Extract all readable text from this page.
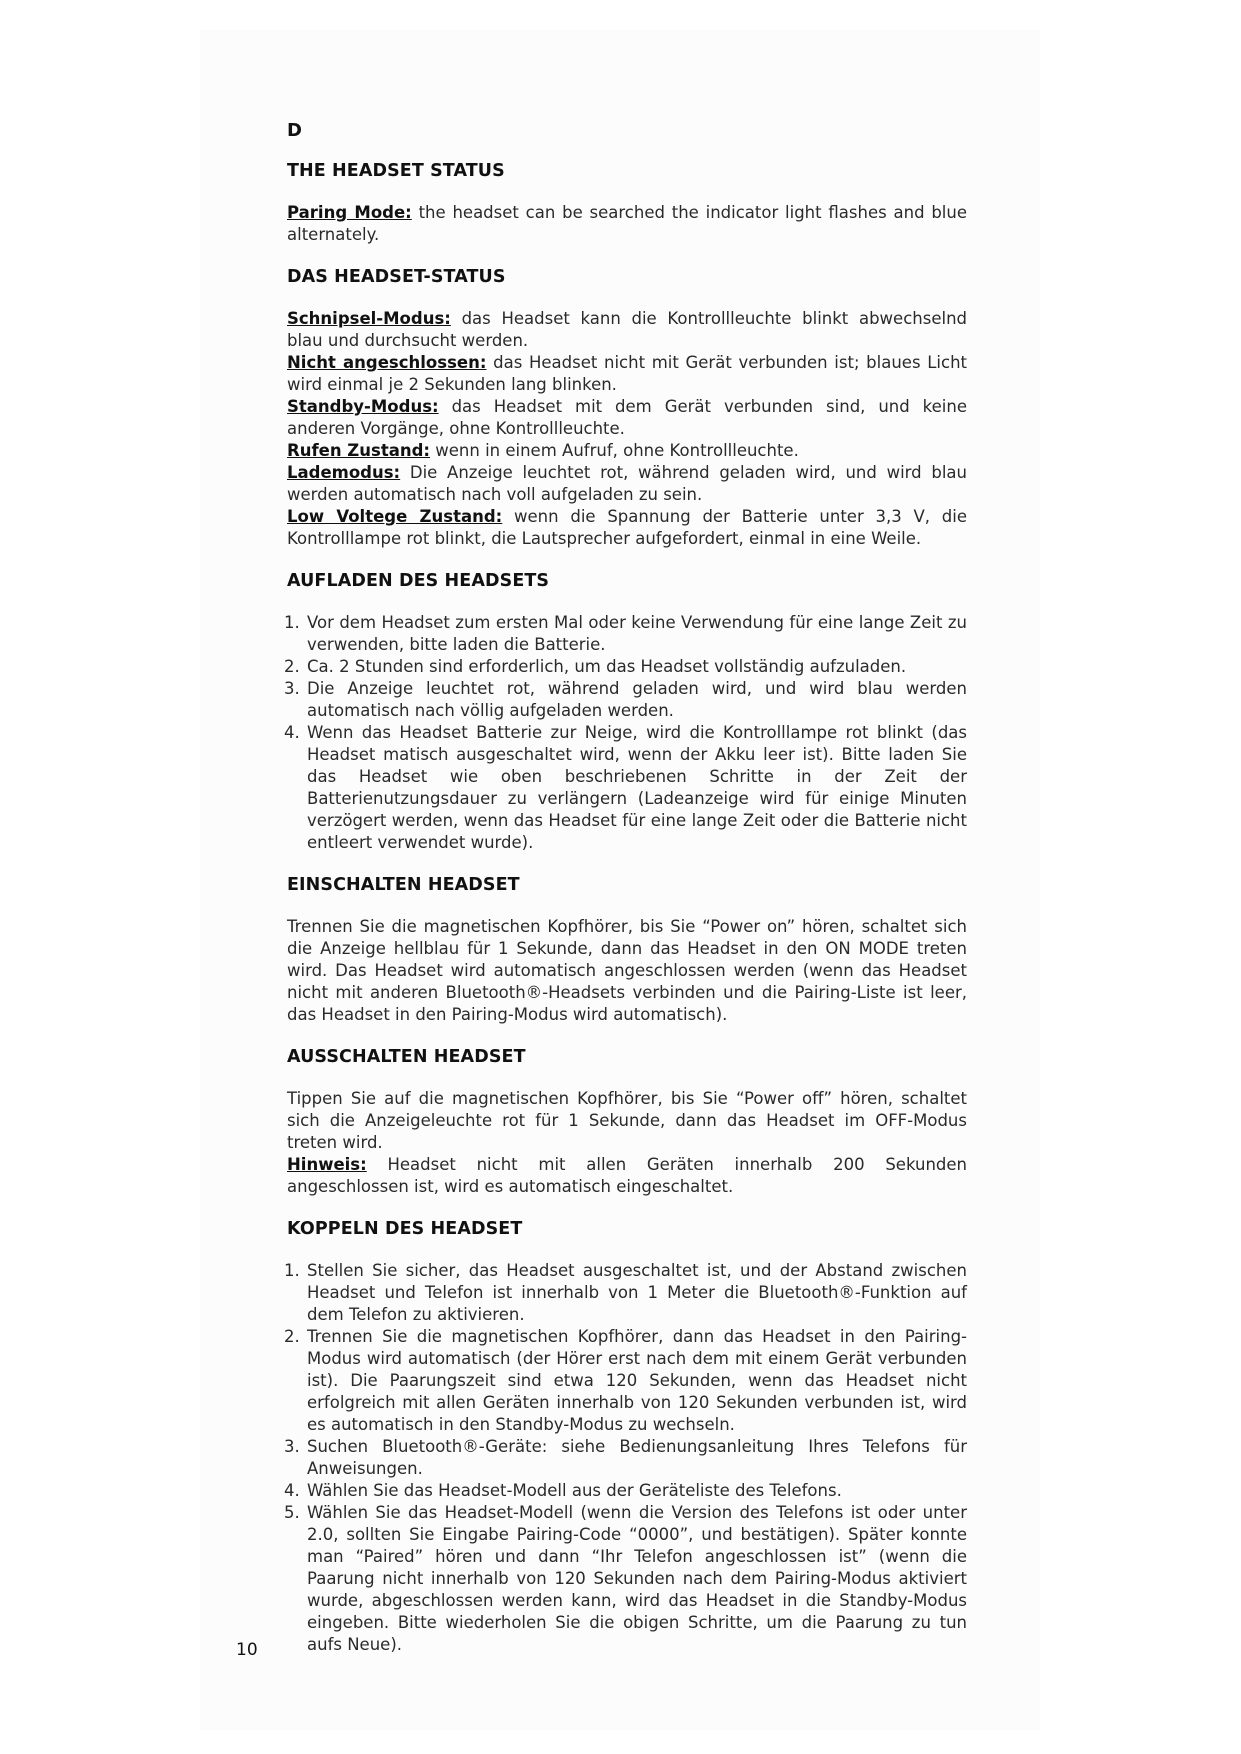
D
THE HEADSET STATUS

Paring Mode: the headset can be searched the indicator light flashes and blue alternately.

DAS HEADSET-STATUS

Schnipsel-Modus: das Headset kann die Kontrollleuchte blinkt abwechselnd blau und durchsucht werden.

Nicht angeschlossen: das Headset nicht mit Gerät verbunden ist; blaues Licht wird einmal je 2 Sekunden lang blinken.

Standby-Modus: das Headset mit dem Gerät verbunden sind, und keine anderen Vorgänge, ohne Kontrollleuchte.

Rufen Zustand: wenn in einem Aufruf, ohne Kontrollleuchte.

Lademodus: Die Anzeige leuchtet rot, während geladen wird, und wird blau werden automatisch nach voll aufgeladen zu sein.

Low Voltege Zustand: wenn die Spannung der Batterie unter 3,3 V, die Kontrolllampe rot blinkt, die Lautsprecher aufgefordert, einmal in eine Weile.

AUFLADEN DES HEADSETS
1. Vor dem Headset zum ersten Mal oder keine Verwendung für eine lange Zeit zu verwenden, bitte laden die Batterie.
2. Ca. 2 Stunden sind erforderlich, um das Headset vollständig aufzuladen.
3. Die Anzeige leuchtet rot, während geladen wird, und wird blau werden automatisch nach völlig aufgeladen werden.
4. Wenn das Headset Batterie zur Neige, wird die Kontrolllampe rot blinkt (das Headset matisch ausgeschaltet wird, wenn der Akku leer ist). Bitte laden Sie das Headset wie oben beschriebenen Schritte in der Zeit der Batterienutzungsdauer zu verlängern (Ladeanzeige wird für einige Minuten verzögert werden, wenn das Headset für eine lange Zeit oder die Batterie nicht entleert verwendet wurde).
EINSCHALTEN HEADSET

Trennen Sie die magnetischen Kopfhörer, bis Sie “Power on” hören, schaltet sich die Anzeige hellblau für 1 Sekunde, dann das Headset in den ON MODE treten wird. Das Headset wird automatisch angeschlossen werden (wenn das Headset nicht mit anderen Bluetooth®-Headsets verbinden und die Pairing-Liste ist leer, das Headset in den Pairing-Modus wird automatisch).

AUSSCHALTEN HEADSET

Tippen Sie auf die magnetischen Kopfhörer, bis Sie “Power off” hören, schaltet sich die Anzeigeleuchte rot für 1 Sekunde, dann das Headset im OFF-Modus treten wird.

Hinweis: Headset nicht mit allen Geräten innerhalb 200 Sekunden angeschlossen ist, wird es automatisch eingeschaltet.

KOPPELN DES HEADSET
1. Stellen Sie sicher, das Headset ausgeschaltet ist, und der Abstand zwischen Headset und Telefon ist innerhalb von 1 Meter die Bluetooth®-Funktion auf dem Telefon zu aktivieren.
2. Trennen Sie die magnetischen Kopfhörer, dann das Headset in den Pairing-Modus wird automatisch (der Hörer erst nach dem mit einem Gerät verbunden ist). Die Paarungszeit sind etwa 120 Sekunden, wenn das Headset nicht erfolgreich mit allen Geräten innerhalb von 120 Sekunden verbunden ist, wird es automatisch in den Standby-Modus zu wechseln.
3. Suchen Bluetooth®-Geräte: siehe Bedienungsanleitung Ihres Telefons für Anweisungen.
4. Wählen Sie das Headset-Modell aus der Geräteliste des Telefons.
5. Wählen Sie das Headset-Modell (wenn die Version des Telefons ist oder unter 2.0, sollten Sie Eingabe Pairing-Code “0000”, und bestätigen). Später konnte man “Paired” hören und dann “Ihr Telefon angeschlossen ist” (wenn die Paarung nicht innerhalb von 120 Sekunden nach dem Pairing-Modus aktiviert wurde, abgeschlossen werden kann, wird das Headset in die Standby-Modus eingeben. Bitte wiederholen Sie die obigen Schritte, um die Paarung zu tun aufs Neue).
10
